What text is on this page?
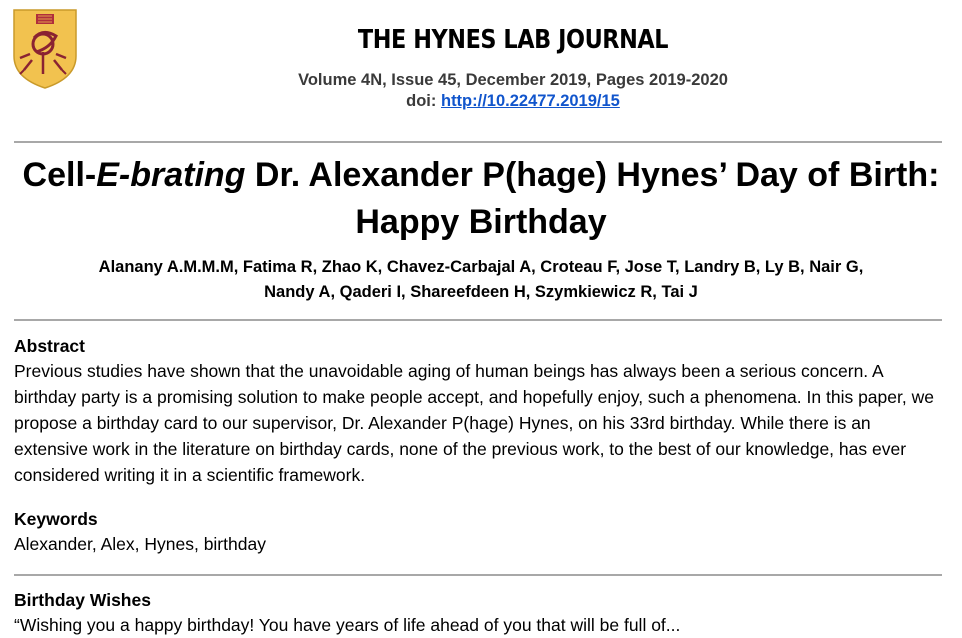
THE HYNES LAB JOURNAL
Volume 4N, Issue 45, December 2019, Pages 2019-2020
doi: http://10.22477.2019/15
Cell-E-brating Dr. Alexander P(hage) Hynes’ Day of Birth: Happy Birthday
Alanany A.M.M.M, Fatima R, Zhao K, Chavez-Carbajal A, Croteau F, Jose T, Landry B, Ly B, Nair G,
Nandy A, Qaderi I, Shareefdeen H, Szymkiewicz R, Tai J
Abstract
Previous studies have shown that the unavoidable aging of human beings has always been a serious concern. A birthday party is a promising solution to make people accept, and hopefully enjoy, such a phenomena. In this paper, we propose a birthday card to our supervisor, Dr. Alexander P(hage) Hynes, on his 33rd birthday. While there is an extensive work in the literature on birthday cards, none of the previous work, to the best of our knowledge, has ever considered writing it in a scientific framework.
Keywords
Alexander, Alex, Hynes, birthday
Birthday Wishes
“Wishing you a happy birthday! You have years of life ahead of you that will be full of...
